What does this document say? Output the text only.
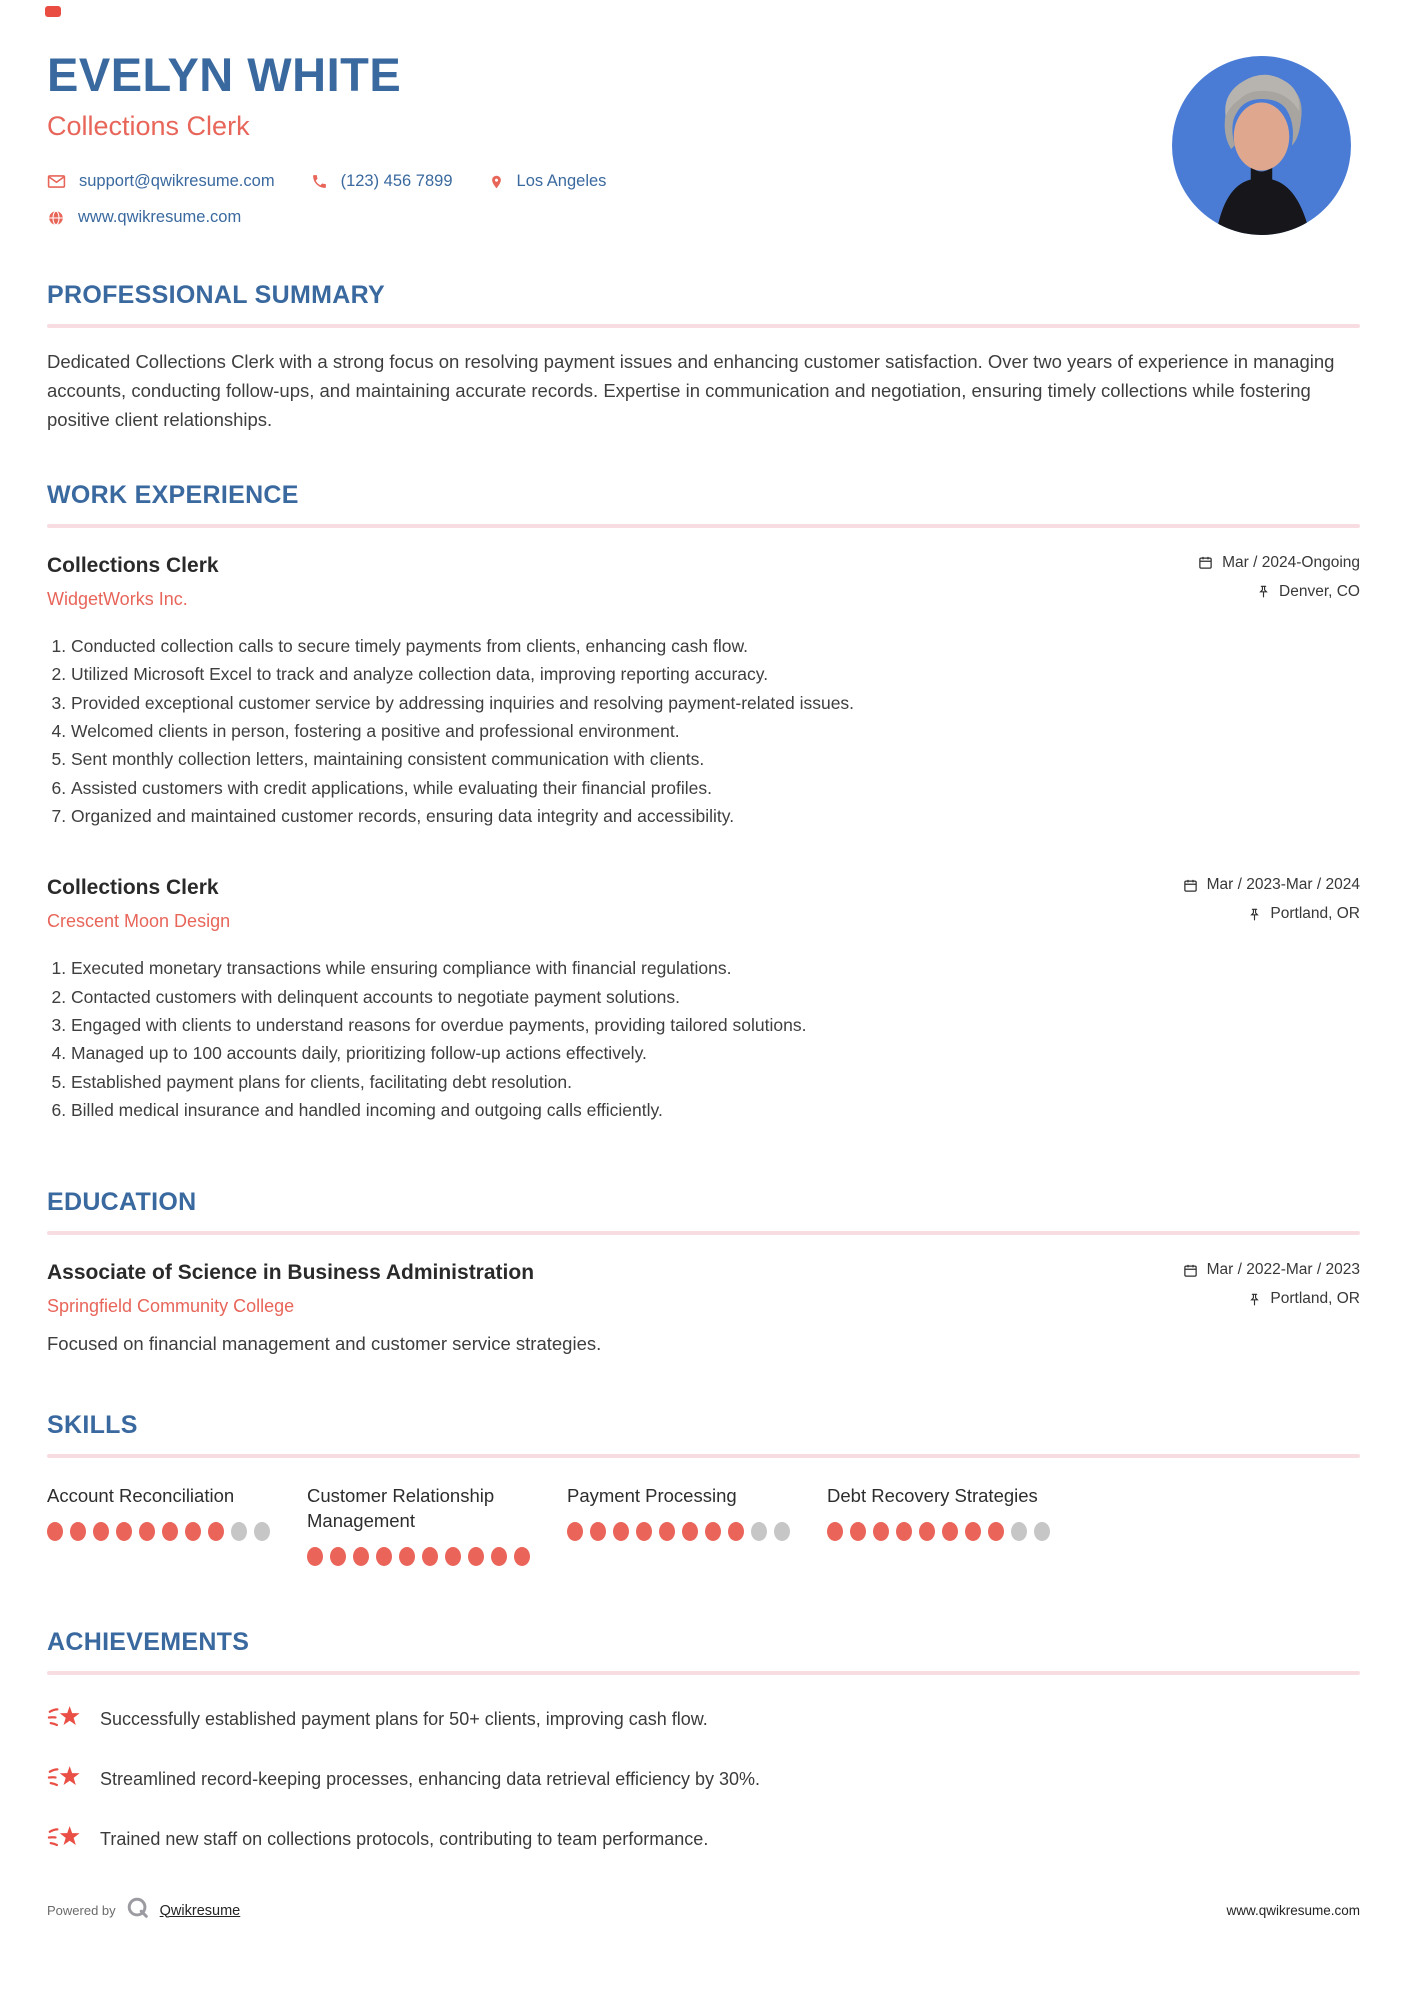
EVELYN WHITE
Collections Clerk
support@qwikresume.com	(123) 456 7899	Los Angeles
www.qwikresume.com
PROFESSIONAL SUMMARY

Dedicated Collections Clerk with a strong focus on resolving payment issues and enhancing customer satisfaction. Over two years of experience in managing accounts, conducting follow-ups, and maintaining accurate records. Expertise in communication and negotiation, ensuring timely collections while fostering positive client relationships.

WORK EXPERIENCE
Collections Clerk
WidgetWorks Inc.
Mar / 2024-Ongoing
Denver, CO
1. Conducted collection calls to secure timely payments from clients, enhancing cash flow.
2. Utilized Microsoft Excel to track and analyze collection data, improving reporting accuracy.
3. Provided exceptional customer service by addressing inquiries and resolving payment-related issues.
4. Welcomed clients in person, fostering a positive and professional environment.
5. Sent monthly collection letters, maintaining consistent communication with clients.
6. Assisted customers with credit applications, while evaluating their financial profiles.
7. Organized and maintained customer records, ensuring data integrity and accessibility.
Collections Clerk
Crescent Moon Design
Mar / 2023-Mar / 2024
Portland, OR
1. Executed monetary transactions while ensuring compliance with financial regulations.
2. Contacted customers with delinquent accounts to negotiate payment solutions.
3. Engaged with clients to understand reasons for overdue payments, providing tailored solutions.
4. Managed up to 100 accounts daily, prioritizing follow-up actions effectively.
5. Established payment plans for clients, facilitating debt resolution.
6. Billed medical insurance and handled incoming and outgoing calls efficiently.
EDUCATION
Associate of Science in Business Administration
Springfield Community College
Mar / 2022-Mar / 2023
Portland, OR

Focused on financial management and customer service strategies.

SKILLS
Account Reconciliation	Customer Relationship Management
Payment Processing	Debt Recovery Strategies
ACHIEVEMENTS
Successfully established payment plans for 50+ clients, improving cash flow.
Streamlined record-keeping processes, enhancing data retrieval efficiency by 30%.
Trained new staff on collections protocols, contributing to team performance.
Powered by	Qwikresume	www.qwikresume.com
